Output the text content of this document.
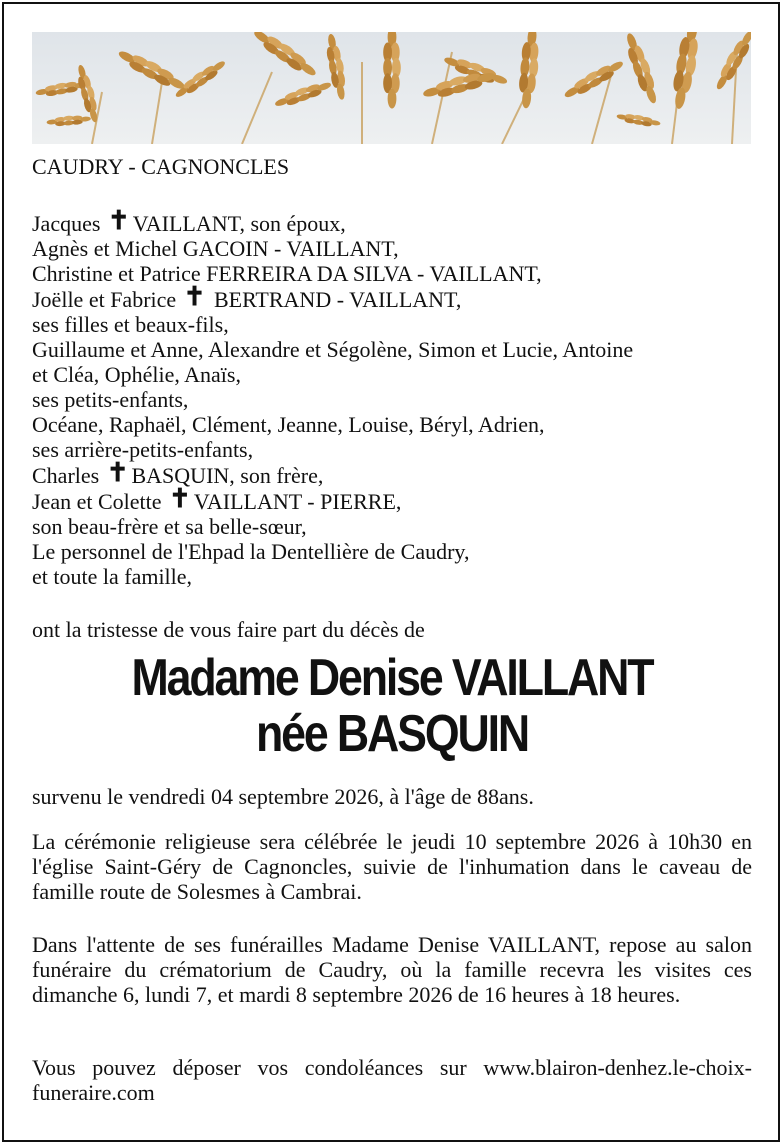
CAUDRY - CAGNONCLES
Jacques ✝ VAILLANT, son époux,
Agnès et Michel GACOIN - VAILLANT,
Christine et Patrice FERREIRA DA SILVA - VAILLANT,
Joëlle et Fabrice ✝ BERTRAND - VAILLANT,
ses filles et beaux-fils,
Guillaume et Anne, Alexandre et Ségolène, Simon et Lucie, Antoine
et Cléa, Ophélie, Anaïs,
ses petits-enfants,
Océane, Raphaël, Clément, Jeanne, Louise, Béryl, Adrien,
ses arrière-petits-enfants,
Charles ✝ BASQUIN, son frère,
Jean et Colette ✝ VAILLANT - PIERRE,
son beau-frère et sa belle-sœur,
Le personnel de l'Ehpad la Dentellière de Caudry,
et toute la famille,
ont la tristesse de vous faire part du décès de
Madame Denise VAILLANT
née BASQUIN
survenu le vendredi 04 septembre 2026, à l'âge de 88ans.
La cérémonie religieuse sera célébrée le jeudi 10 septembre 2026 à 10h30 en l'église Saint-Géry de Cagnoncles, suivie de l'inhumation dans le caveau de famille route de Solesmes à Cambrai.
Dans l'attente de ses funérailles Madame Denise VAILLANT, repose au salon funéraire du crématorium de Caudry, où la famille recevra les visites ces dimanche 6, lundi 7, et mardi 8 septembre 2026 de 16 heures à 18 heures.
Vous pouvez déposer vos condoléances sur www.blairon-denhez.le-choix-funeraire.com
